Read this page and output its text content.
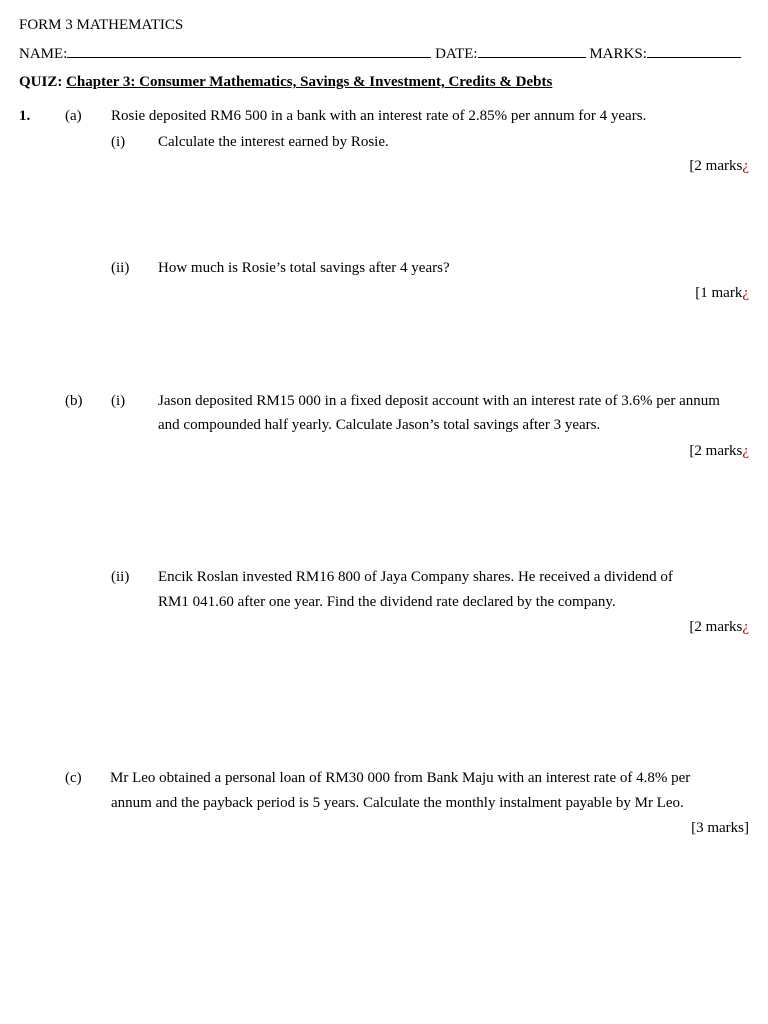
FORM 3 MATHEMATICS
NAME:	DATE:	MARKS:
QUIZ: Chapter 3: Consumer Mathematics, Savings & Investment, Credits & Debts
1. (a) Rosie deposited RM6 500 in a bank with an interest rate of 2.85% per annum for 4 years.
(i) Calculate the interest earned by Rosie.
[2 marks¿
(ii) How much is Rosie’s total savings after 4 years?
[1 mark¿
(b) (i) Jason deposited RM15 000 in a fixed deposit account with an interest rate of 3.6% per annum
and compounded half yearly. Calculate Jason’s total savings after 3 years.
[2 marks¿
(ii) Encik Roslan invested RM16 800 of Jaya Company shares. He received a dividend of
RM1 041.60 after one year. Find the dividend rate declared by the company.
[2 marks¿
(c) Mr Leo obtained a personal loan of RM30 000 from Bank Maju with an interest rate of 4.8% per
annum and the payback period is 5 years. Calculate the monthly instalment payable by Mr Leo.
[3 marks]
